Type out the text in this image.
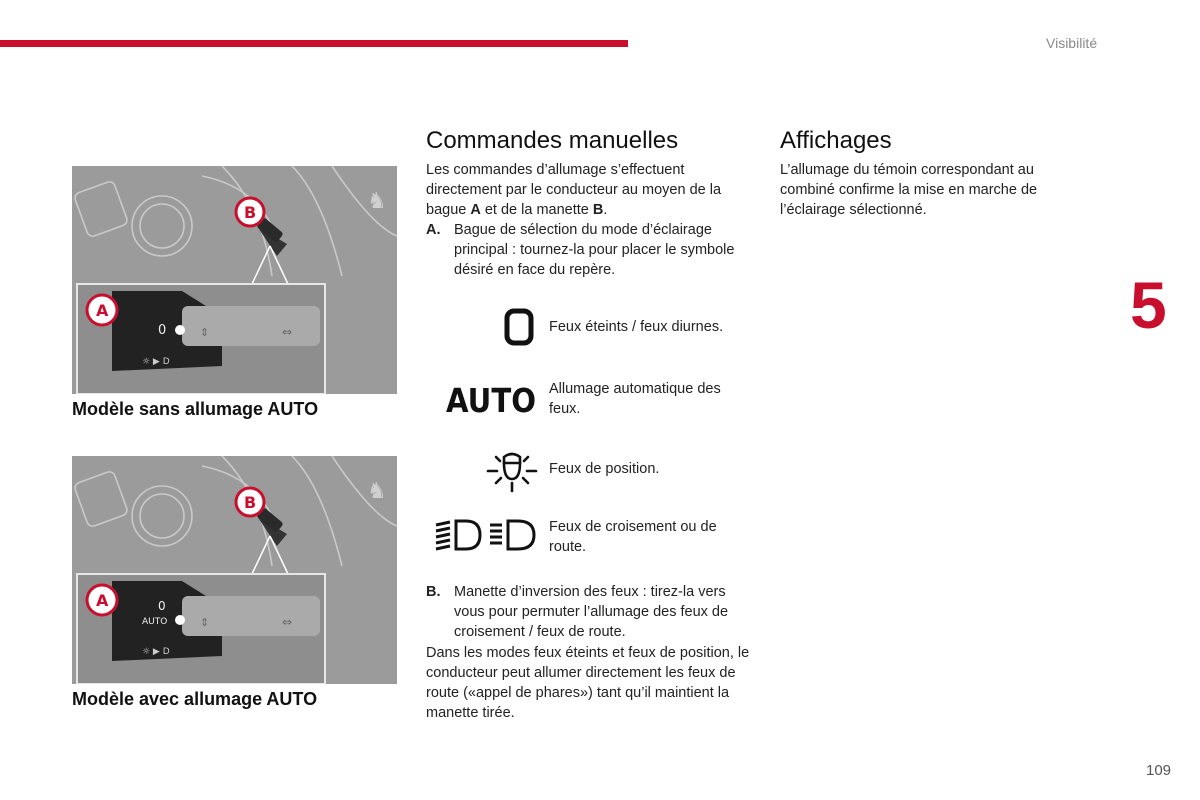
Visibilité
5
109
♞
0	⇕	⇔
☼ ▶ D
B
A
Modèle sans allumage AUTO
♞
0
AUTO	⇕	⇔
☼ ▶ D
B
A
Modèle avec allumage AUTO
Commandes manuelles
Les commandes d’allumage s’effectuent directement par le conducteur au moyen de la bague A et de la manette B.
A. Bague de sélection du mode d’éclairage principal : tournez-la pour placer le symbole désiré en face du repère.
Feux éteints / feux diurnes.
AUTO Allumage automatique des feux.
Feux de position.
Feux de croisement ou de route.
B. Manette d’inversion des feux : tirez-la vers vous pour permuter l’allumage des feux de croisement / feux de route.
Dans les modes feux éteints et feux de position, le conducteur peut allumer directement les feux de route («appel de phares») tant qu’il maintient la manette tirée.
Affichages
L’allumage du témoin correspondant au combiné confirme la mise en marche de l’éclairage sélectionné.
